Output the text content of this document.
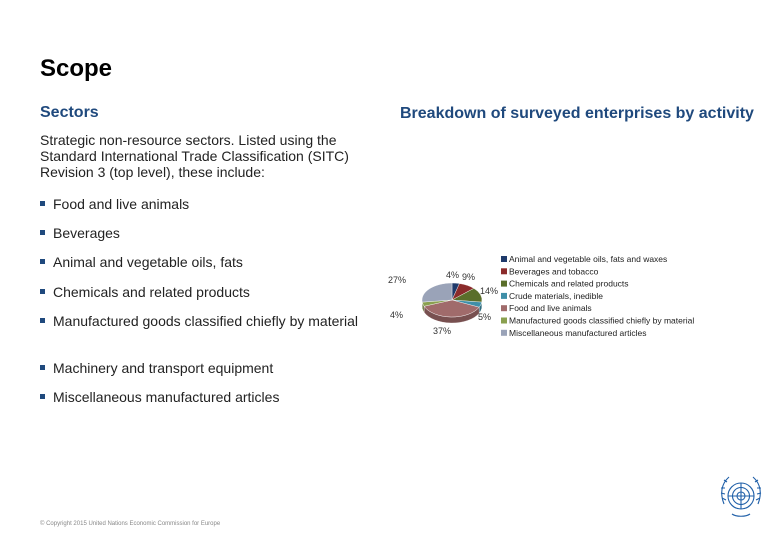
Scope
Sectors	Breakdown of surveyed enterprises by activity
Strategic non-resource sectors. Listed using the Standard International Trade Classification (SITC) Revision 3 (top level), these include:
Food and live animals
Beverages
Animal and vegetable oils, fats
Chemicals and related products
Manufactured goods classified chiefly by material
Machinery and transport equipment
Miscellaneous manufactured articles
4% 9%
14%
5%
37%
4%
27%
Animal and vegetable oils, fats and waxes
Beverages and tobacco
Chemicals and related products
Crude materials, inedible
Food and live animals
Manufactured goods classified chiefly by material
Miscellaneous manufactured articles
© Copyright 2015 United Nations Economic Commission for Europe
